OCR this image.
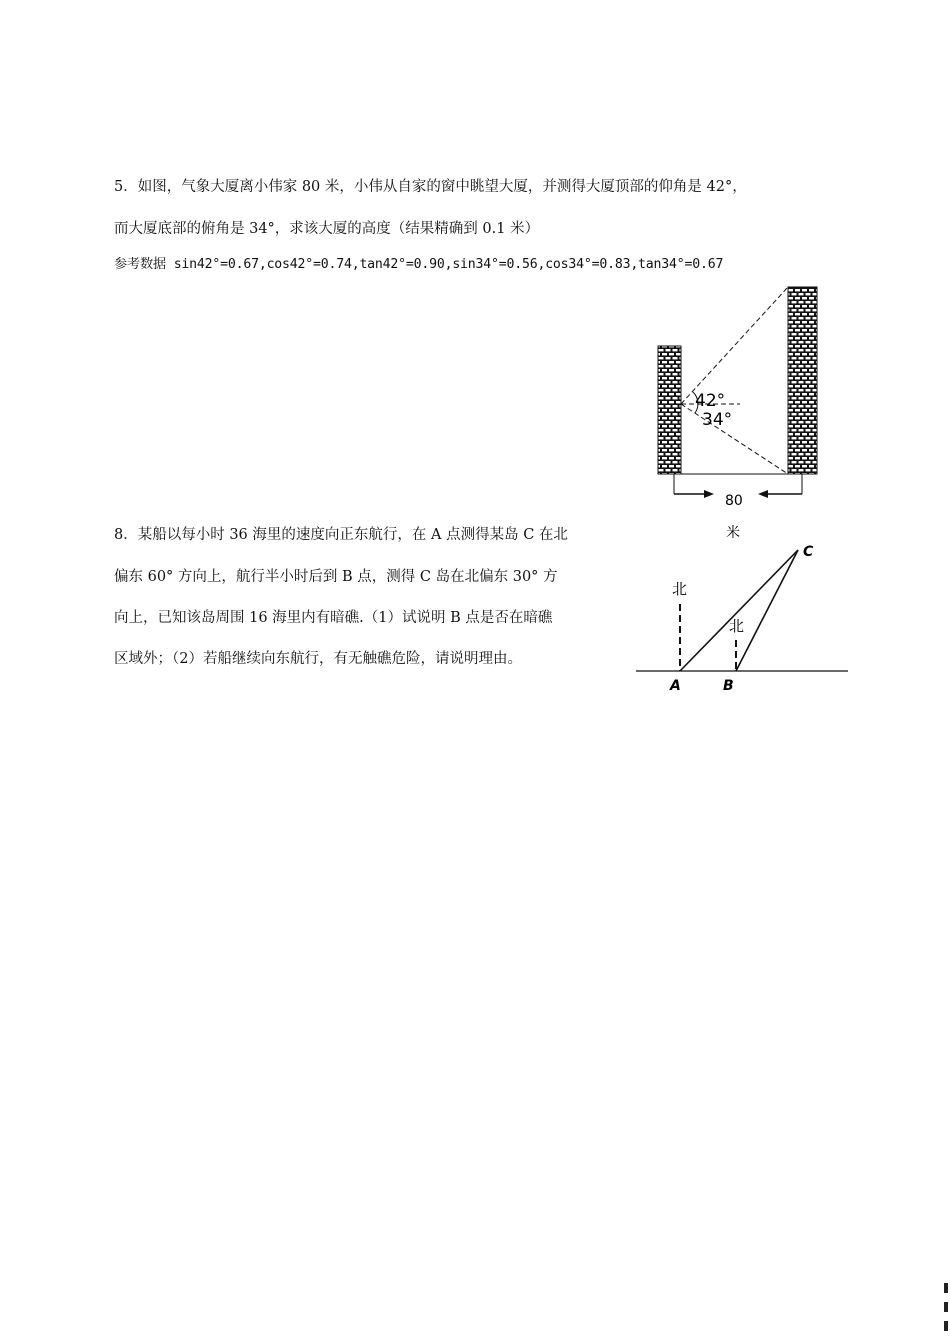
5．如图，气象大厦离小伟家 80 米，小伟从自家的窗中眺望大厦，并测得大厦顶部的仰角是 42°，
而大厦底部的俯角是 34°，求该大厦的高度（结果精确到 0.1 米）
参考数据 sin42°=0.67,cos42°=0.74,tan42°=0.90,sin34°=0.56,cos34°=0.83,tan34°=0.67
42°
34°
80
米
8．某船以每小时 36 海里的速度向正东航行，在 A 点测得某岛 C 在北
偏东 60° 方向上，航行半小时后到 B 点，测得 C 岛在北偏东 30° 方
向上，已知该岛周围 16 海里内有暗礁.（1）试说明 B 点是否在暗礁
区域外；（2）若船继续向东航行，有无触礁危险，请说明理由。
北
北
A	B
C
